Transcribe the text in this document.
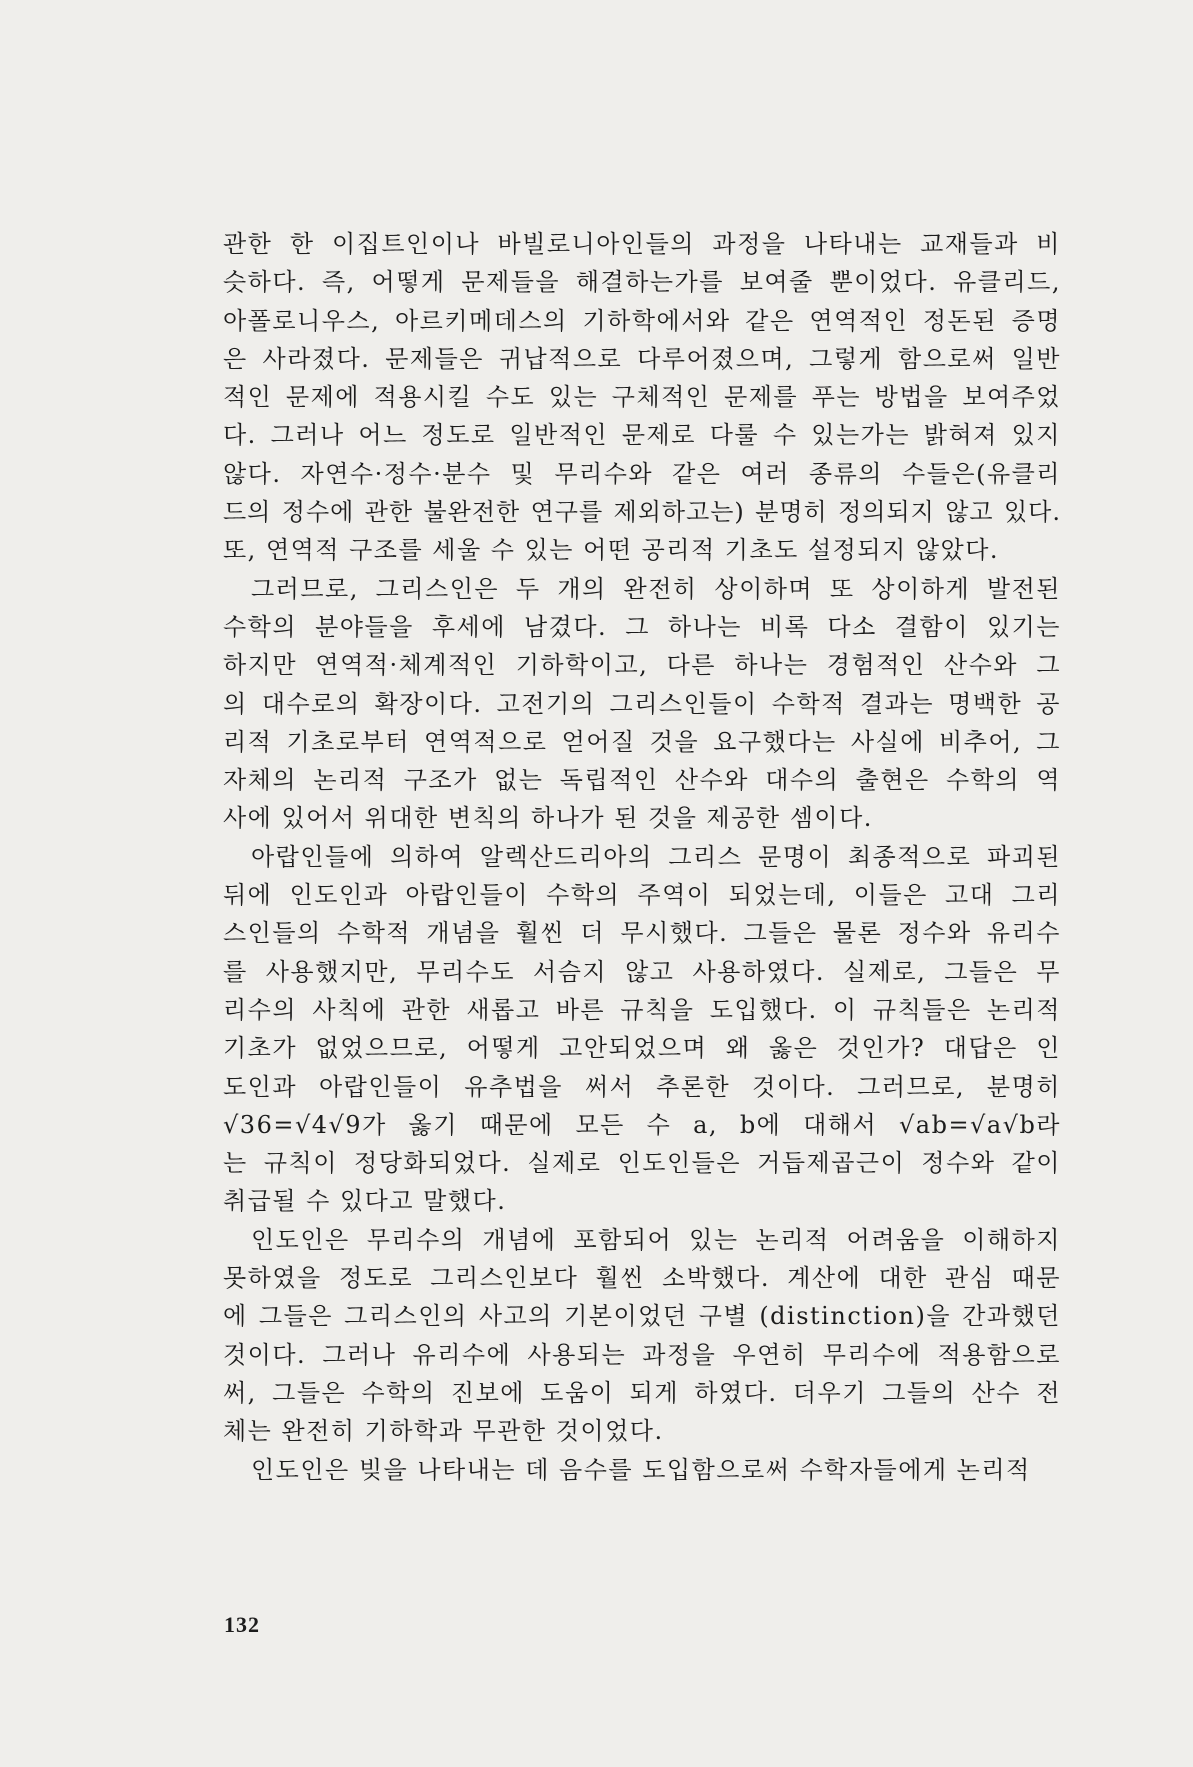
관한 한 이집트인이나 바빌로니아인들의 과정을 나타내는 교재들과 비
슷하다. 즉, 어떻게 문제들을 해결하는가를 보여줄 뿐이었다. 유클리드,
아폴로니우스, 아르키메데스의 기하학에서와 같은 연역적인 정돈된 증명
은 사라졌다. 문제들은 귀납적으로 다루어졌으며, 그렇게 함으로써 일반
적인 문제에 적용시킬 수도 있는 구체적인 문제를 푸는 방법을 보여주었
다. 그러나 어느 정도로 일반적인 문제로 다룰 수 있는가는 밝혀져 있지
않다. 자연수·정수·분수 및 무리수와 같은 여러 종류의 수들은(유클리
드의 정수에 관한 불완전한 연구를 제외하고는) 분명히 정의되지 않고 있다.
또, 연역적 구조를 세울 수 있는 어떤 공리적 기초도 설정되지 않았다.
그러므로, 그리스인은 두 개의 완전히 상이하며 또 상이하게 발전된
수학의 분야들을 후세에 남겼다. 그 하나는 비록 다소 결함이 있기는
하지만 연역적·체계적인 기하학이고, 다른 하나는 경험적인 산수와 그
의 대수로의 확장이다. 고전기의 그리스인들이 수학적 결과는 명백한 공
리적 기초로부터 연역적으로 얻어질 것을 요구했다는 사실에 비추어, 그
자체의 논리적 구조가 없는 독립적인 산수와 대수의 출현은 수학의 역
사에 있어서 위대한 변칙의 하나가 된 것을 제공한 셈이다.
아랍인들에 의하여 알렉산드리아의 그리스 문명이 최종적으로 파괴된
뒤에 인도인과 아랍인들이 수학의 주역이 되었는데, 이들은 고대 그리
스인들의 수학적 개념을 훨씬 더 무시했다. 그들은 물론 정수와 유리수
를 사용했지만, 무리수도 서슴지 않고 사용하였다. 실제로, 그들은 무
리수의 사칙에 관한 새롭고 바른 규칙을 도입했다. 이 규칙들은 논리적
기초가 없었으므로, 어떻게 고안되었으며 왜 옳은 것인가? 대답은 인
도인과 아랍인들이 유추법을 써서 추론한 것이다. 그러므로, 분명히
√36=√4√9가 옳기 때문에 모든 수 a, b에 대해서 √ab=√a√b라
는 규칙이 정당화되었다. 실제로 인도인들은 거듭제곱근이 정수와 같이
취급될 수 있다고 말했다.
인도인은 무리수의 개념에 포함되어 있는 논리적 어려움을 이해하지
못하였을 정도로 그리스인보다 훨씬 소박했다. 계산에 대한 관심 때문
에 그들은 그리스인의 사고의 기본이었던 구별 (distinction)을 간과했던
것이다. 그러나 유리수에 사용되는 과정을 우연히 무리수에 적용함으로
써, 그들은 수학의 진보에 도움이 되게 하였다. 더우기 그들의 산수 전
체는 완전히 기하학과 무관한 것이었다.
인도인은 빚을 나타내는 데 음수를 도입함으로써 수학자들에게 논리적
132
